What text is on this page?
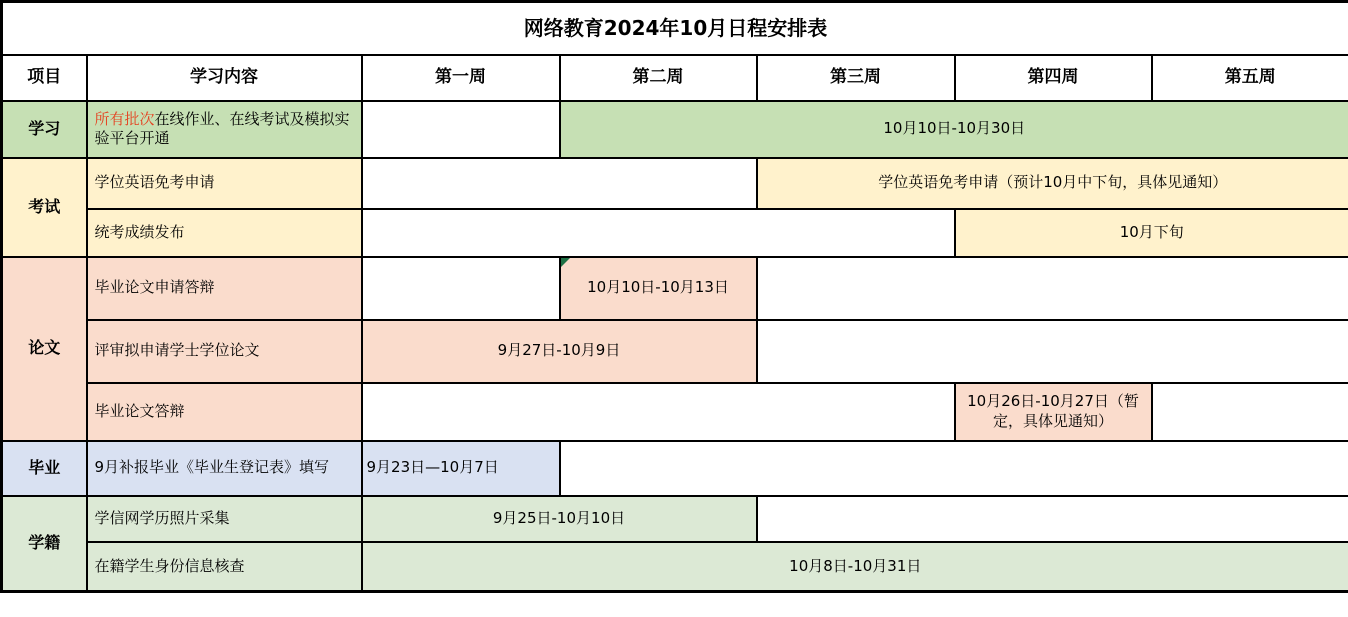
网络教育2024年10月日程安排表						
项目	学习内容	第一周	第二周	第三周	第四周	第五周
学习	所有批次在线作业、在线考试及模拟实验平台开通		10月10日-10月30日			
考试	学位英语免考申请			学位英语免考申请（预计10月中下旬，具体见通知）		
	统考成绩发布				10月下旬	
论文	毕业论文申请答辩		10月10日-10月13日			
	评审拟申请学士学位论文	9月27日-10月9日				
	毕业论文答辩				10月26日-10月27日（暂定，具体见通知）	
毕业	9月补报毕业《毕业生登记表》填写	9月23日—10月7日				
学籍	学信网学历照片采集	9月25日-10月10日				
	在籍学生身份信息核查	10月8日-10月31日				
